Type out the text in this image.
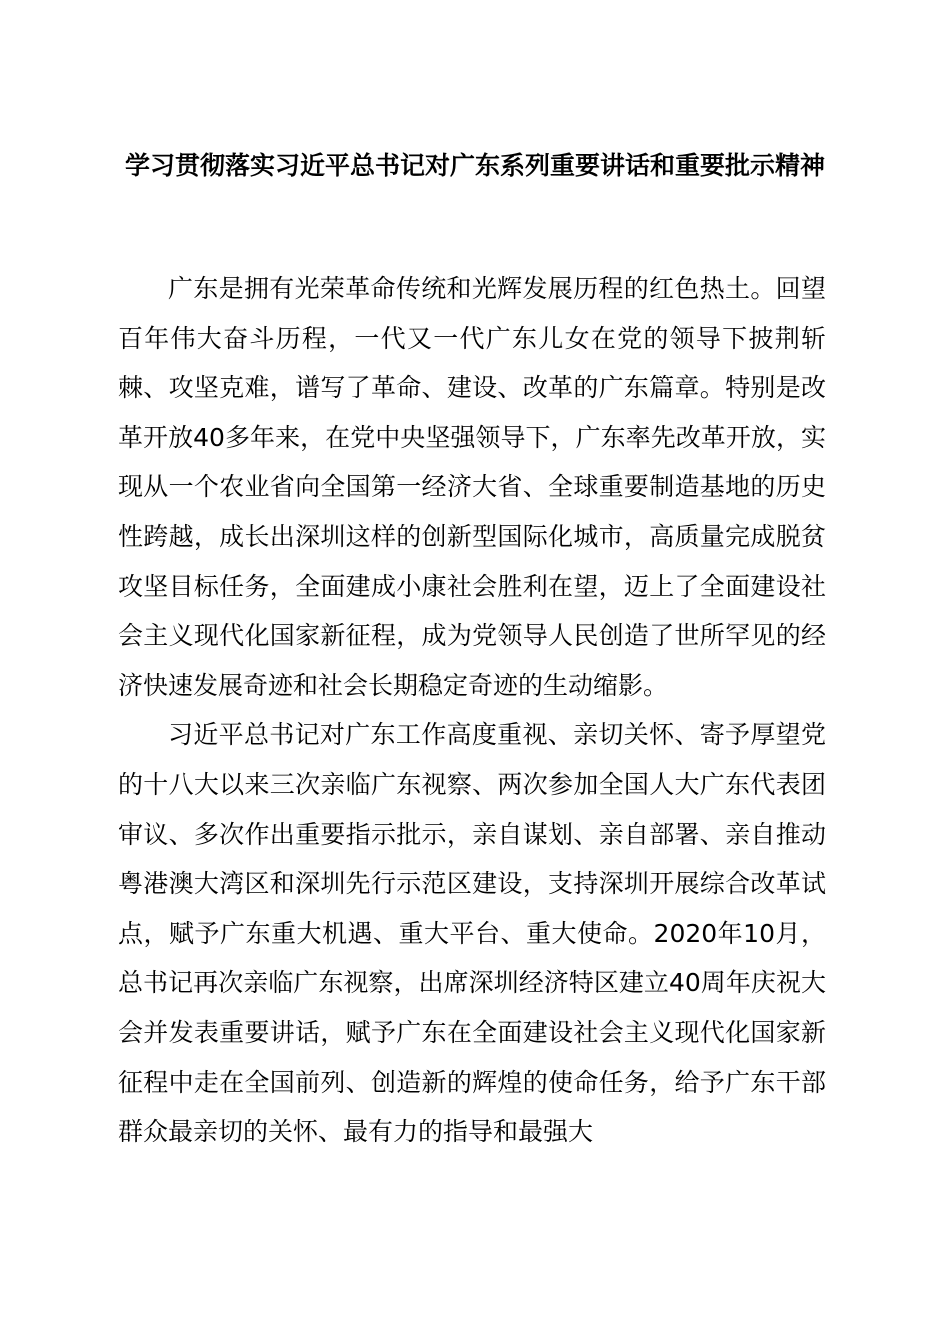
学习贯彻落实习近平总书记对广东系列重要讲话和重要批示精神

广东是拥有光荣革命传统和光辉发展历程的红色热土。回望百年伟大奋斗历程，一代又一代广东儿女在党的领导下披荆斩棘、攻坚克难，谱写了革命、建设、改革的广东篇章。特别是改革开放40多年来，在党中央坚强领导下，广东率先改革开放，实现从一个农业省向全国第一经济大省、全球重要制造基地的历史性跨越，成长出深圳这样的创新型国际化城市，高质量完成脱贫攻坚目标任务，全面建成小康社会胜利在望，迈上了全面建设社会主义现代化国家新征程，成为党领导人民创造了世所罕见的经济快速发展奇迹和社会长期稳定奇迹的生动缩影。

习近平总书记对广东工作高度重视、亲切关怀、寄予厚望党的十八大以来三次亲临广东视察、两次参加全国人大广东代表团审议、多次作出重要指示批示，亲自谋划、亲自部署、亲自推动粤港澳大湾区和深圳先行示范区建设，支持深圳开展综合改革试点，赋予广东重大机遇、重大平台、重大使命。2020年10月，总书记再次亲临广东视察，出席深圳经济特区建立40周年庆祝大会并发表重要讲话，赋予广东在全面建设社会主义现代化国家新征程中走在全国前列、创造新的辉煌的使命任务，给予广东干部群众最亲切的关怀、最有力的指导和最强大
